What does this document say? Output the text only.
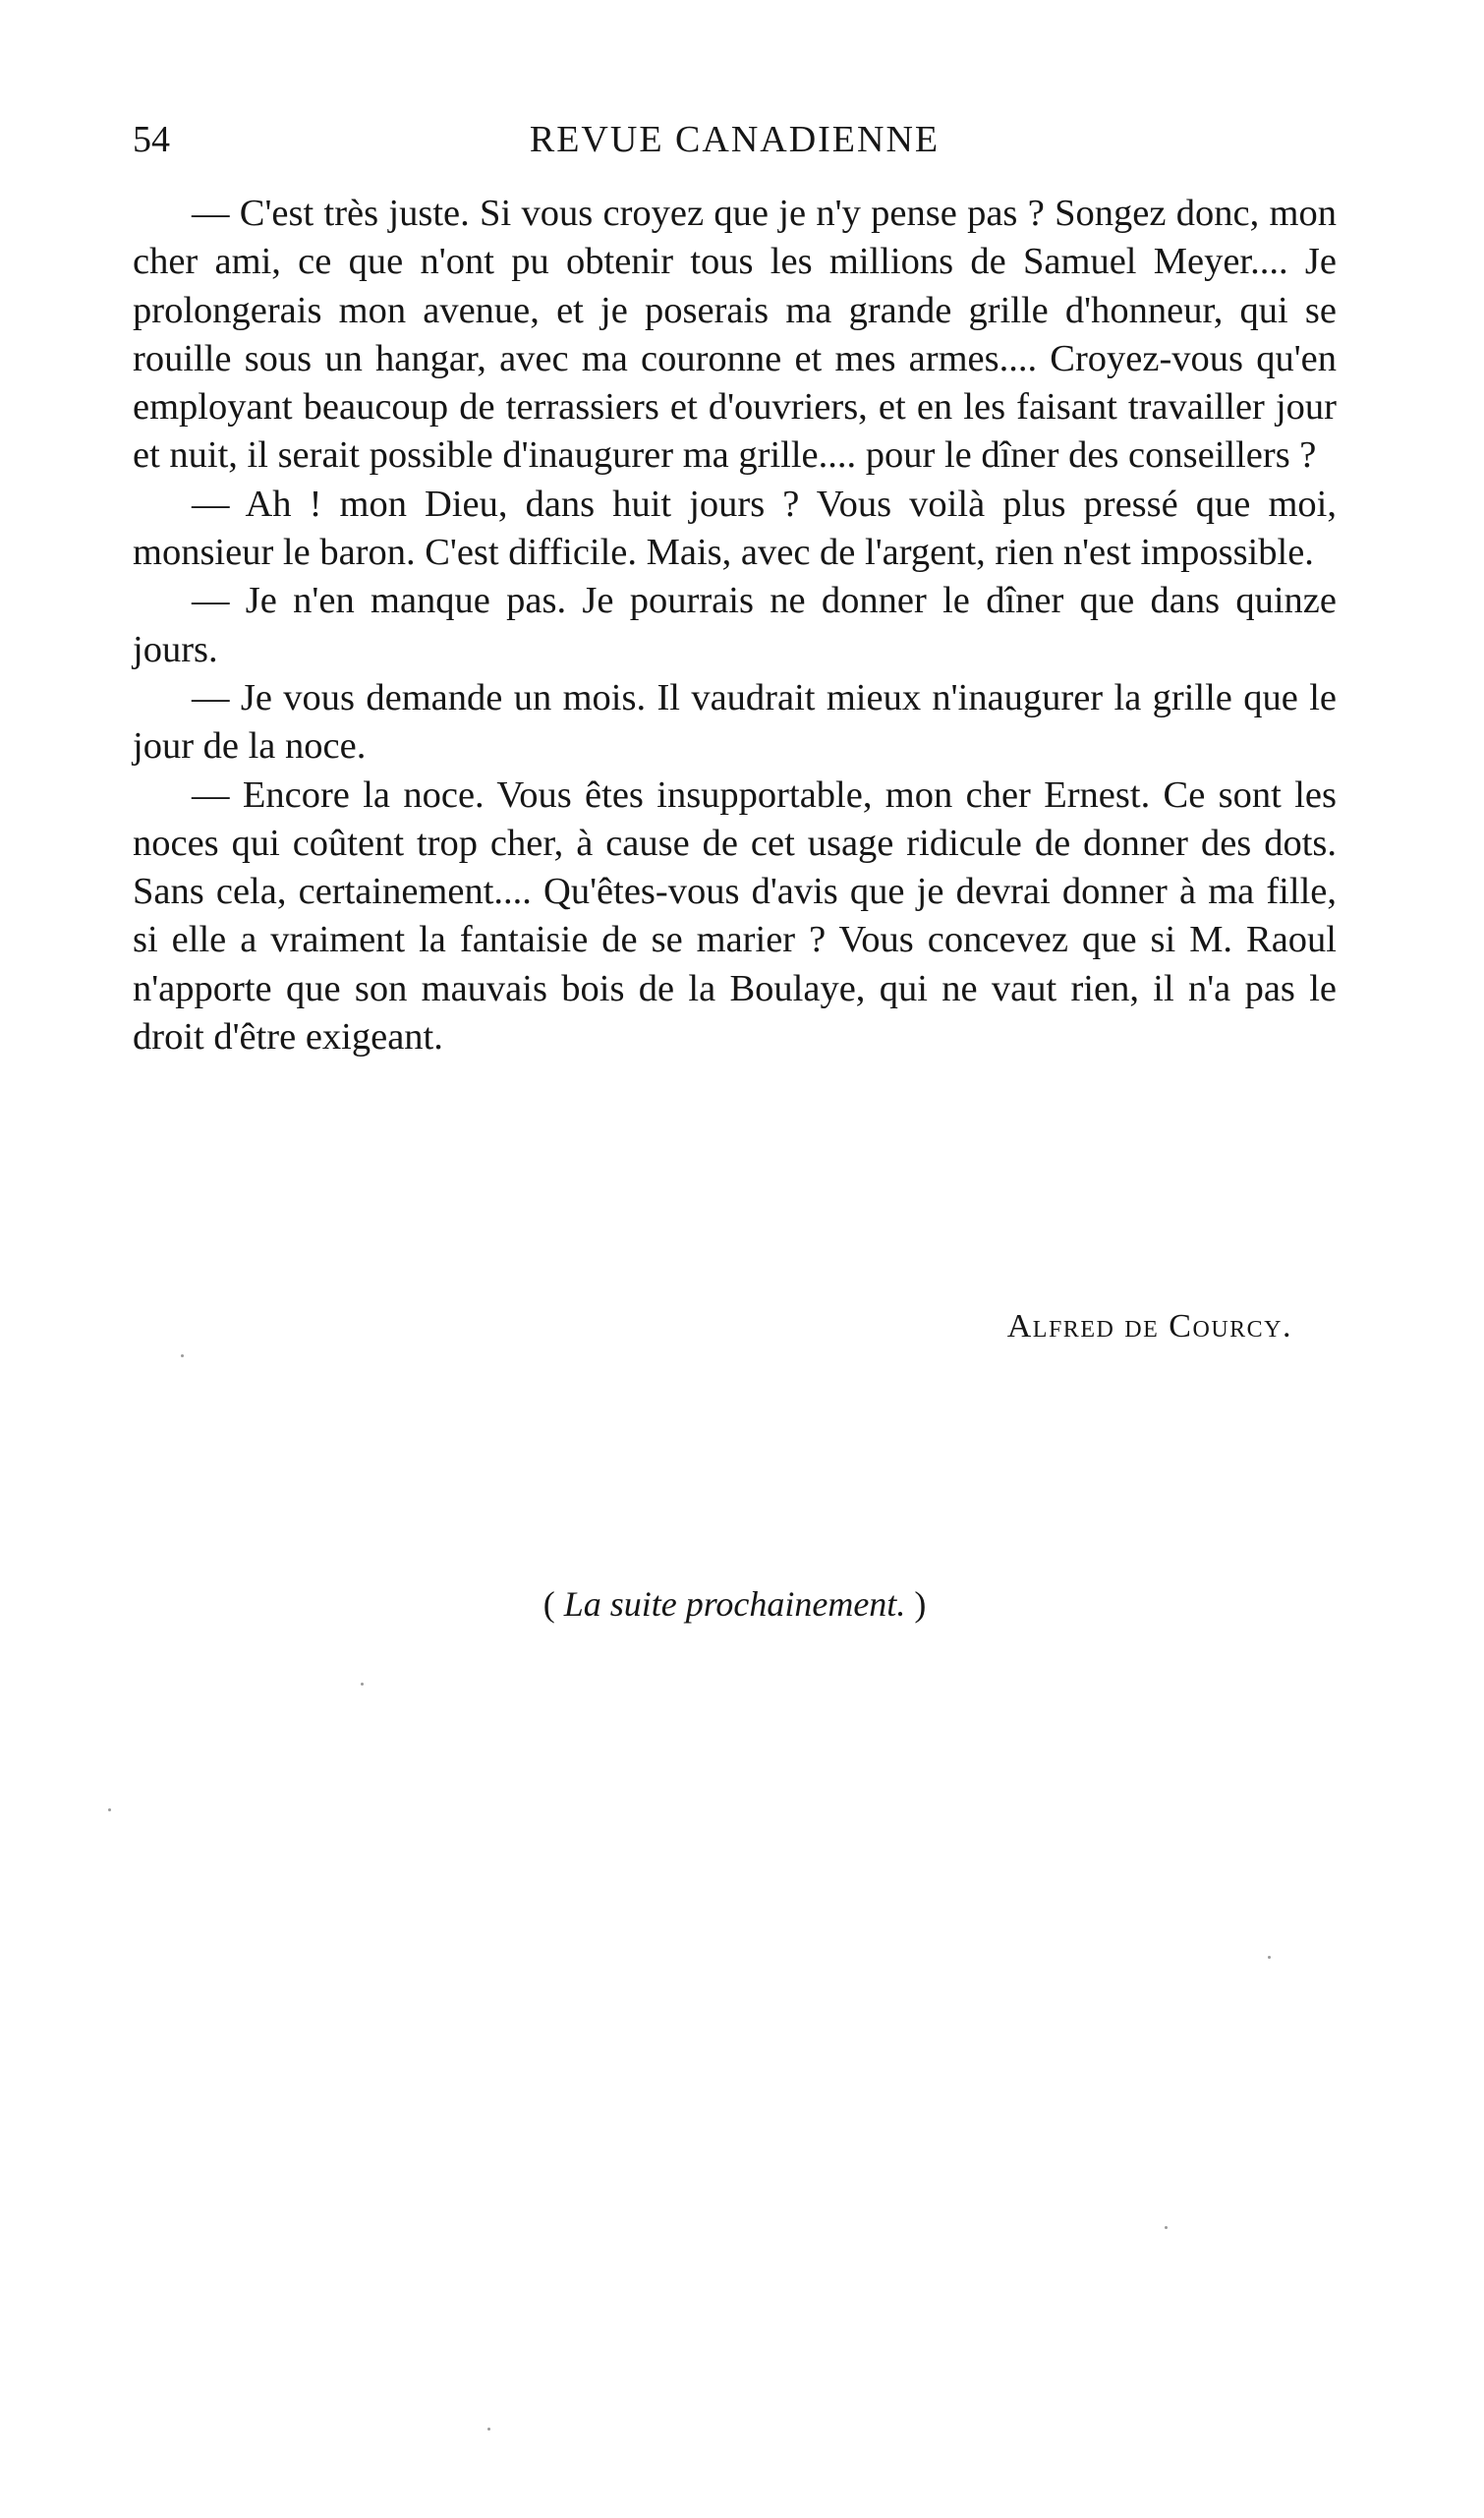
54	REVUE CANADIENNE

— C'est très juste. Si vous croyez que je n'y pense pas ? Songez donc, mon cher ami, ce que n'ont pu obtenir tous les millions de Samuel Meyer.... Je prolongerais mon avenue, et je poserais ma grande grille d'honneur, qui se rouille sous un hangar, avec ma couronne et mes armes.... Croyez-vous qu'en employant beaucoup de terrassiers et d'ouvriers, et en les faisant travailler jour et nuit, il serait possible d'inaugurer ma grille.... pour le dîner des conseillers ?

— Ah ! mon Dieu, dans huit jours ? Vous voilà plus pressé que moi, monsieur le baron. C'est difficile. Mais, avec de l'argent, rien n'est impossible.

— Je n'en manque pas. Je pourrais ne donner le dîner que dans quinze jours.

— Je vous demande un mois. Il vaudrait mieux n'inaugurer la grille que le jour de la noce.

— Encore la noce. Vous êtes insupportable, mon cher Ernest. Ce sont les noces qui coûtent trop cher, à cause de cet usage ridicule de donner des dots. Sans cela, certainement.... Qu'êtes-vous d'avis que je devrai donner à ma fille, si elle a vraiment la fantaisie de se marier ? Vous concevez que si M. Raoul n'apporte que son mauvais bois de la Boulaye, qui ne vaut rien, il n'a pas le droit d'être exigeant.

Alfred de Courcy.
( La suite prochainement. )
